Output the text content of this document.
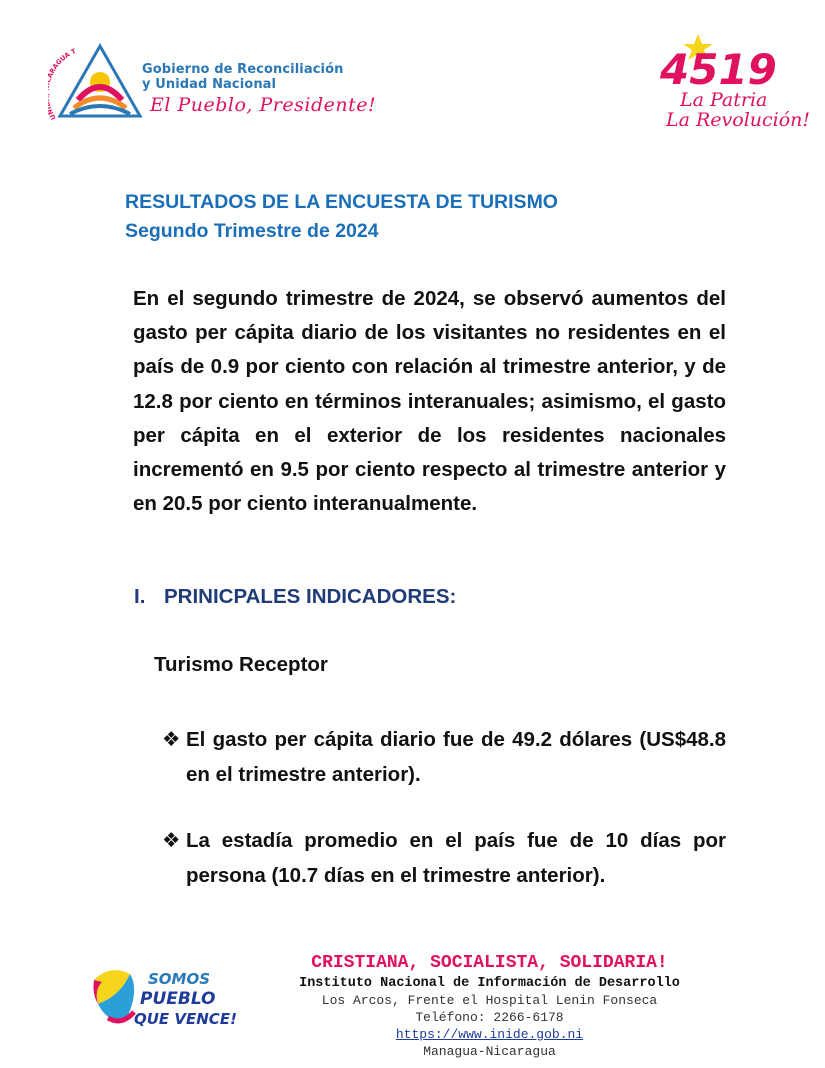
U RAGUA T
Gobierno de Reconciliación
y Unidad Nacional
El Pueblo, Presidente!
4519
La Patria
La Revolución!
RESULTADOS DE LA ENCUESTA DE TURISMO
Segundo Trimestre de 2024
En el segundo trimestre de 2024, se observó aumentos del gasto per cápita diario de los visitantes no residentes en el país de 0.9 por ciento con relación al trimestre anterior, y de 12.8 por ciento en términos interanuales; asimismo, el gasto per cápita en el exterior de los residentes nacionales incrementó en 9.5 por ciento respecto al trimestre anterior y en 20.5 por ciento interanualmente.
I. PRINICPALES INDICADORES:
Turismo Receptor
❖ El gasto per cápita diario fue de 49.2 dólares (US$48.8 en el trimestre anterior).
❖ La estadía promedio en el país fue de 10 días por persona (10.7 días en el trimestre anterior).
SOMOS
PUEBLO
QUE VENCE!
CRISTIANA, SOCIALISTA, SOLIDARIA!
Instituto Nacional de Información de Desarrollo
Los Arcos, Frente el Hospital Lenin Fonseca
Teléfono: 2266-6178
https://www.inide.gob.ni
Managua-Nicaragua
